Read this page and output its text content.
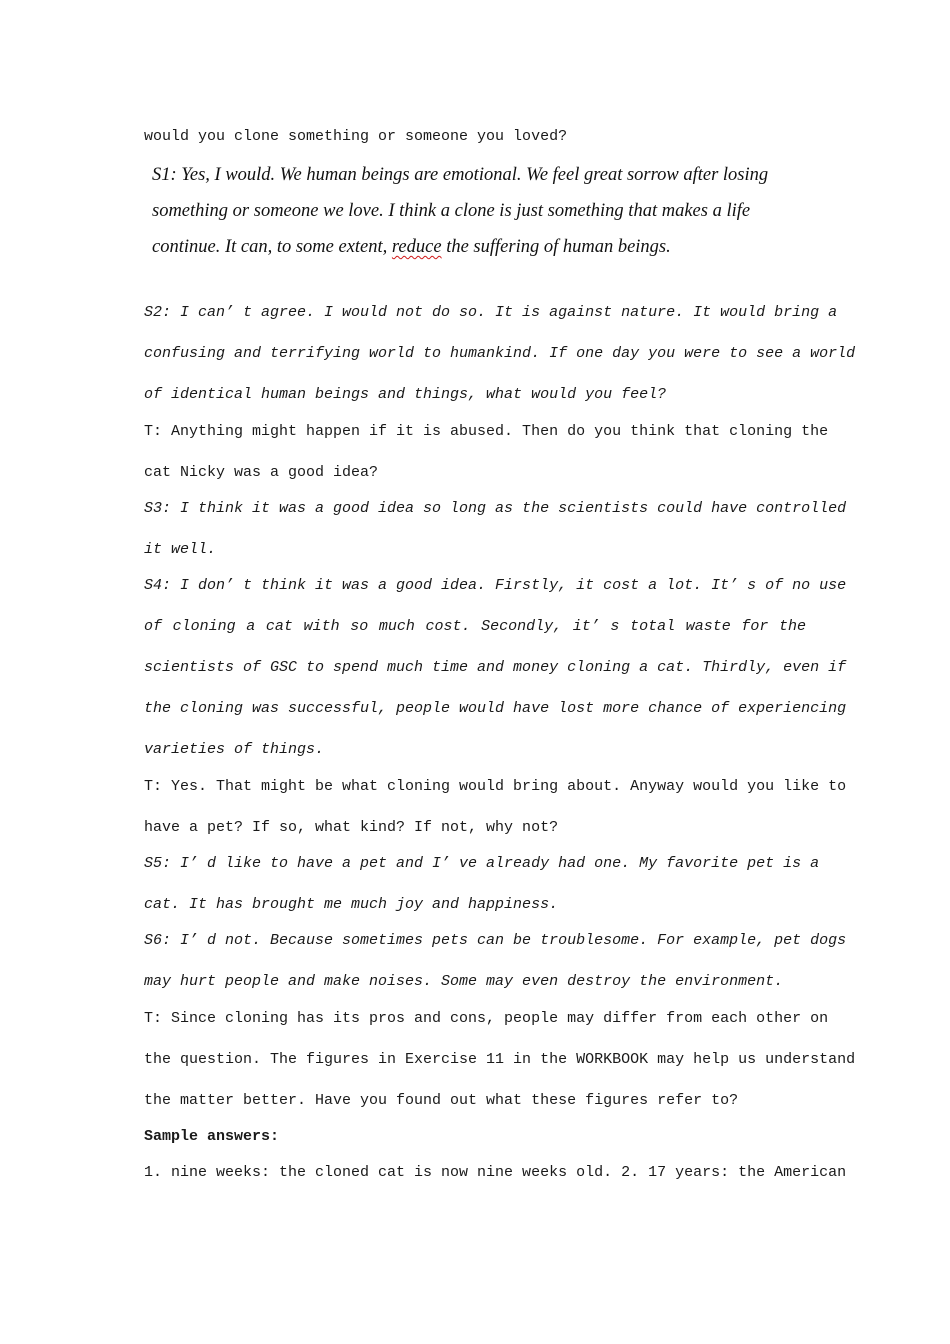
would you clone something or someone you loved?

S1: Yes, I would. We human beings are emotional. We feel great sorrow after losing

something or someone we love. I think a clone is just something that makes a life

continue. It can, to some extent, reduce the suffering of human beings.

S2: I can’ t agree. I would not do so. It is against nature. It would bring a

confusing and terrifying world to humankind. If one day you were to see a world

of identical human beings and things, what would you feel?

T: Anything might happen if it is abused. Then do you think that cloning the

cat Nicky was a good idea?

S3: I think it was a good idea so long as the scientists could have controlled

it well.

S4: I don’ t think it was a good idea. Firstly, it cost a lot. It’ s of no use

of cloning a cat with so much cost. Secondly, it’ s total waste for the

scientists of GSC to spend much time and money cloning a cat. Thirdly, even if

the cloning was successful, people would have lost more chance of experiencing

varieties of things.

T: Yes. That might be what cloning would bring about. Anyway would you like to

have a pet? If so, what kind? If not, why not?

S5: I’ d like to have a pet and I’ ve already had one. My favorite pet is a

cat. It has brought me much joy and happiness.

S6: I’ d not. Because sometimes pets can be troublesome. For example, pet dogs

may hurt people and make noises. Some may even destroy the environment.

T: Since cloning has its pros and cons, people may differ from each other on

the question. The figures in Exercise 11 in the WORKBOOK may help us understand

the matter better. Have you found out what these figures refer to?

Sample answers:

1. nine weeks: the cloned cat is now nine weeks old. 2. 17 years: the American
